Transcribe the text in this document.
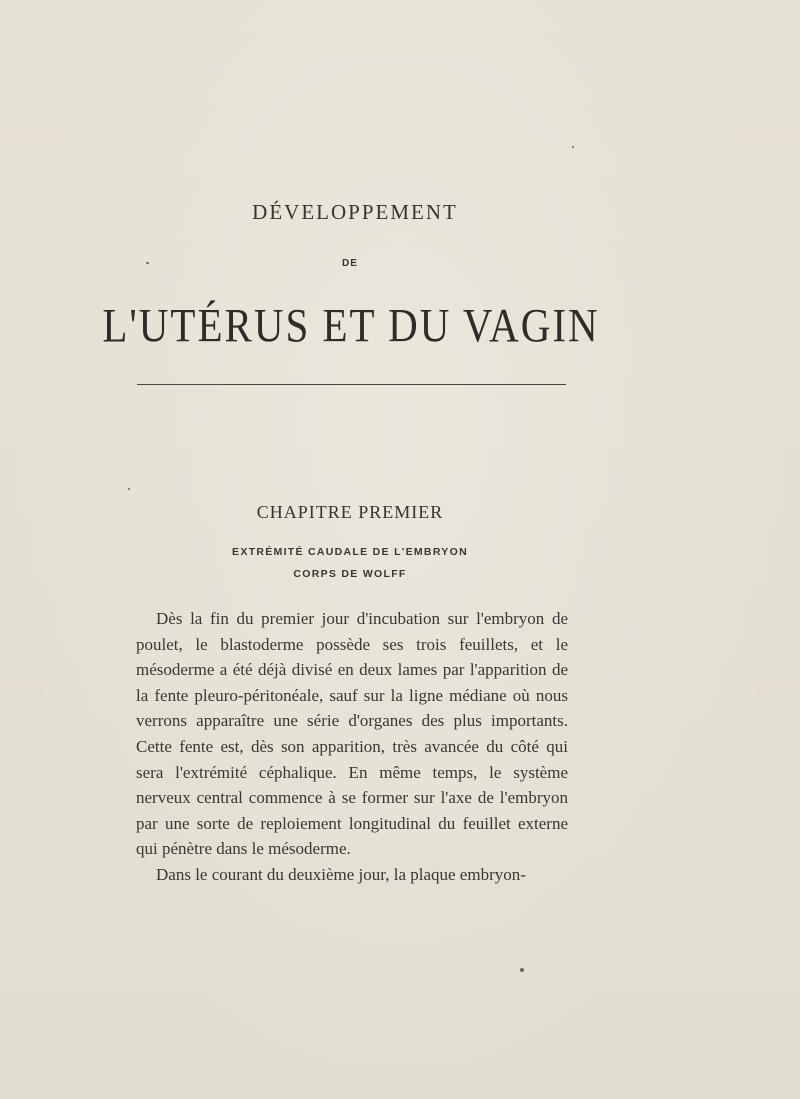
DÉVELOPPEMENT
DE
L'UTÉRUS ET DU VAGIN
CHAPITRE PREMIER
EXTRÉMITÉ CAUDALE DE L'EMBRYON
CORPS DE WOLFF

Dès la fin du premier jour d'incubation sur l'embryon de poulet, le blastoderme possède ses trois feuillets, et le mésoderme a été déjà divisé en deux lames par l'apparition de la fente pleuro-péritonéale, sauf sur la ligne médiane où nous verrons apparaître une série d'organes des plus importants. Cette fente est, dès son apparition, très avancée du côté qui sera l'extrémité céphalique. En même temps, le système nerveux central commence à se former sur l'axe de l'embryon par une sorte de reploiement longitudinal du feuillet externe qui pénètre dans le mésoderme.

Dans le courant du deuxième jour, la plaque embryon-
